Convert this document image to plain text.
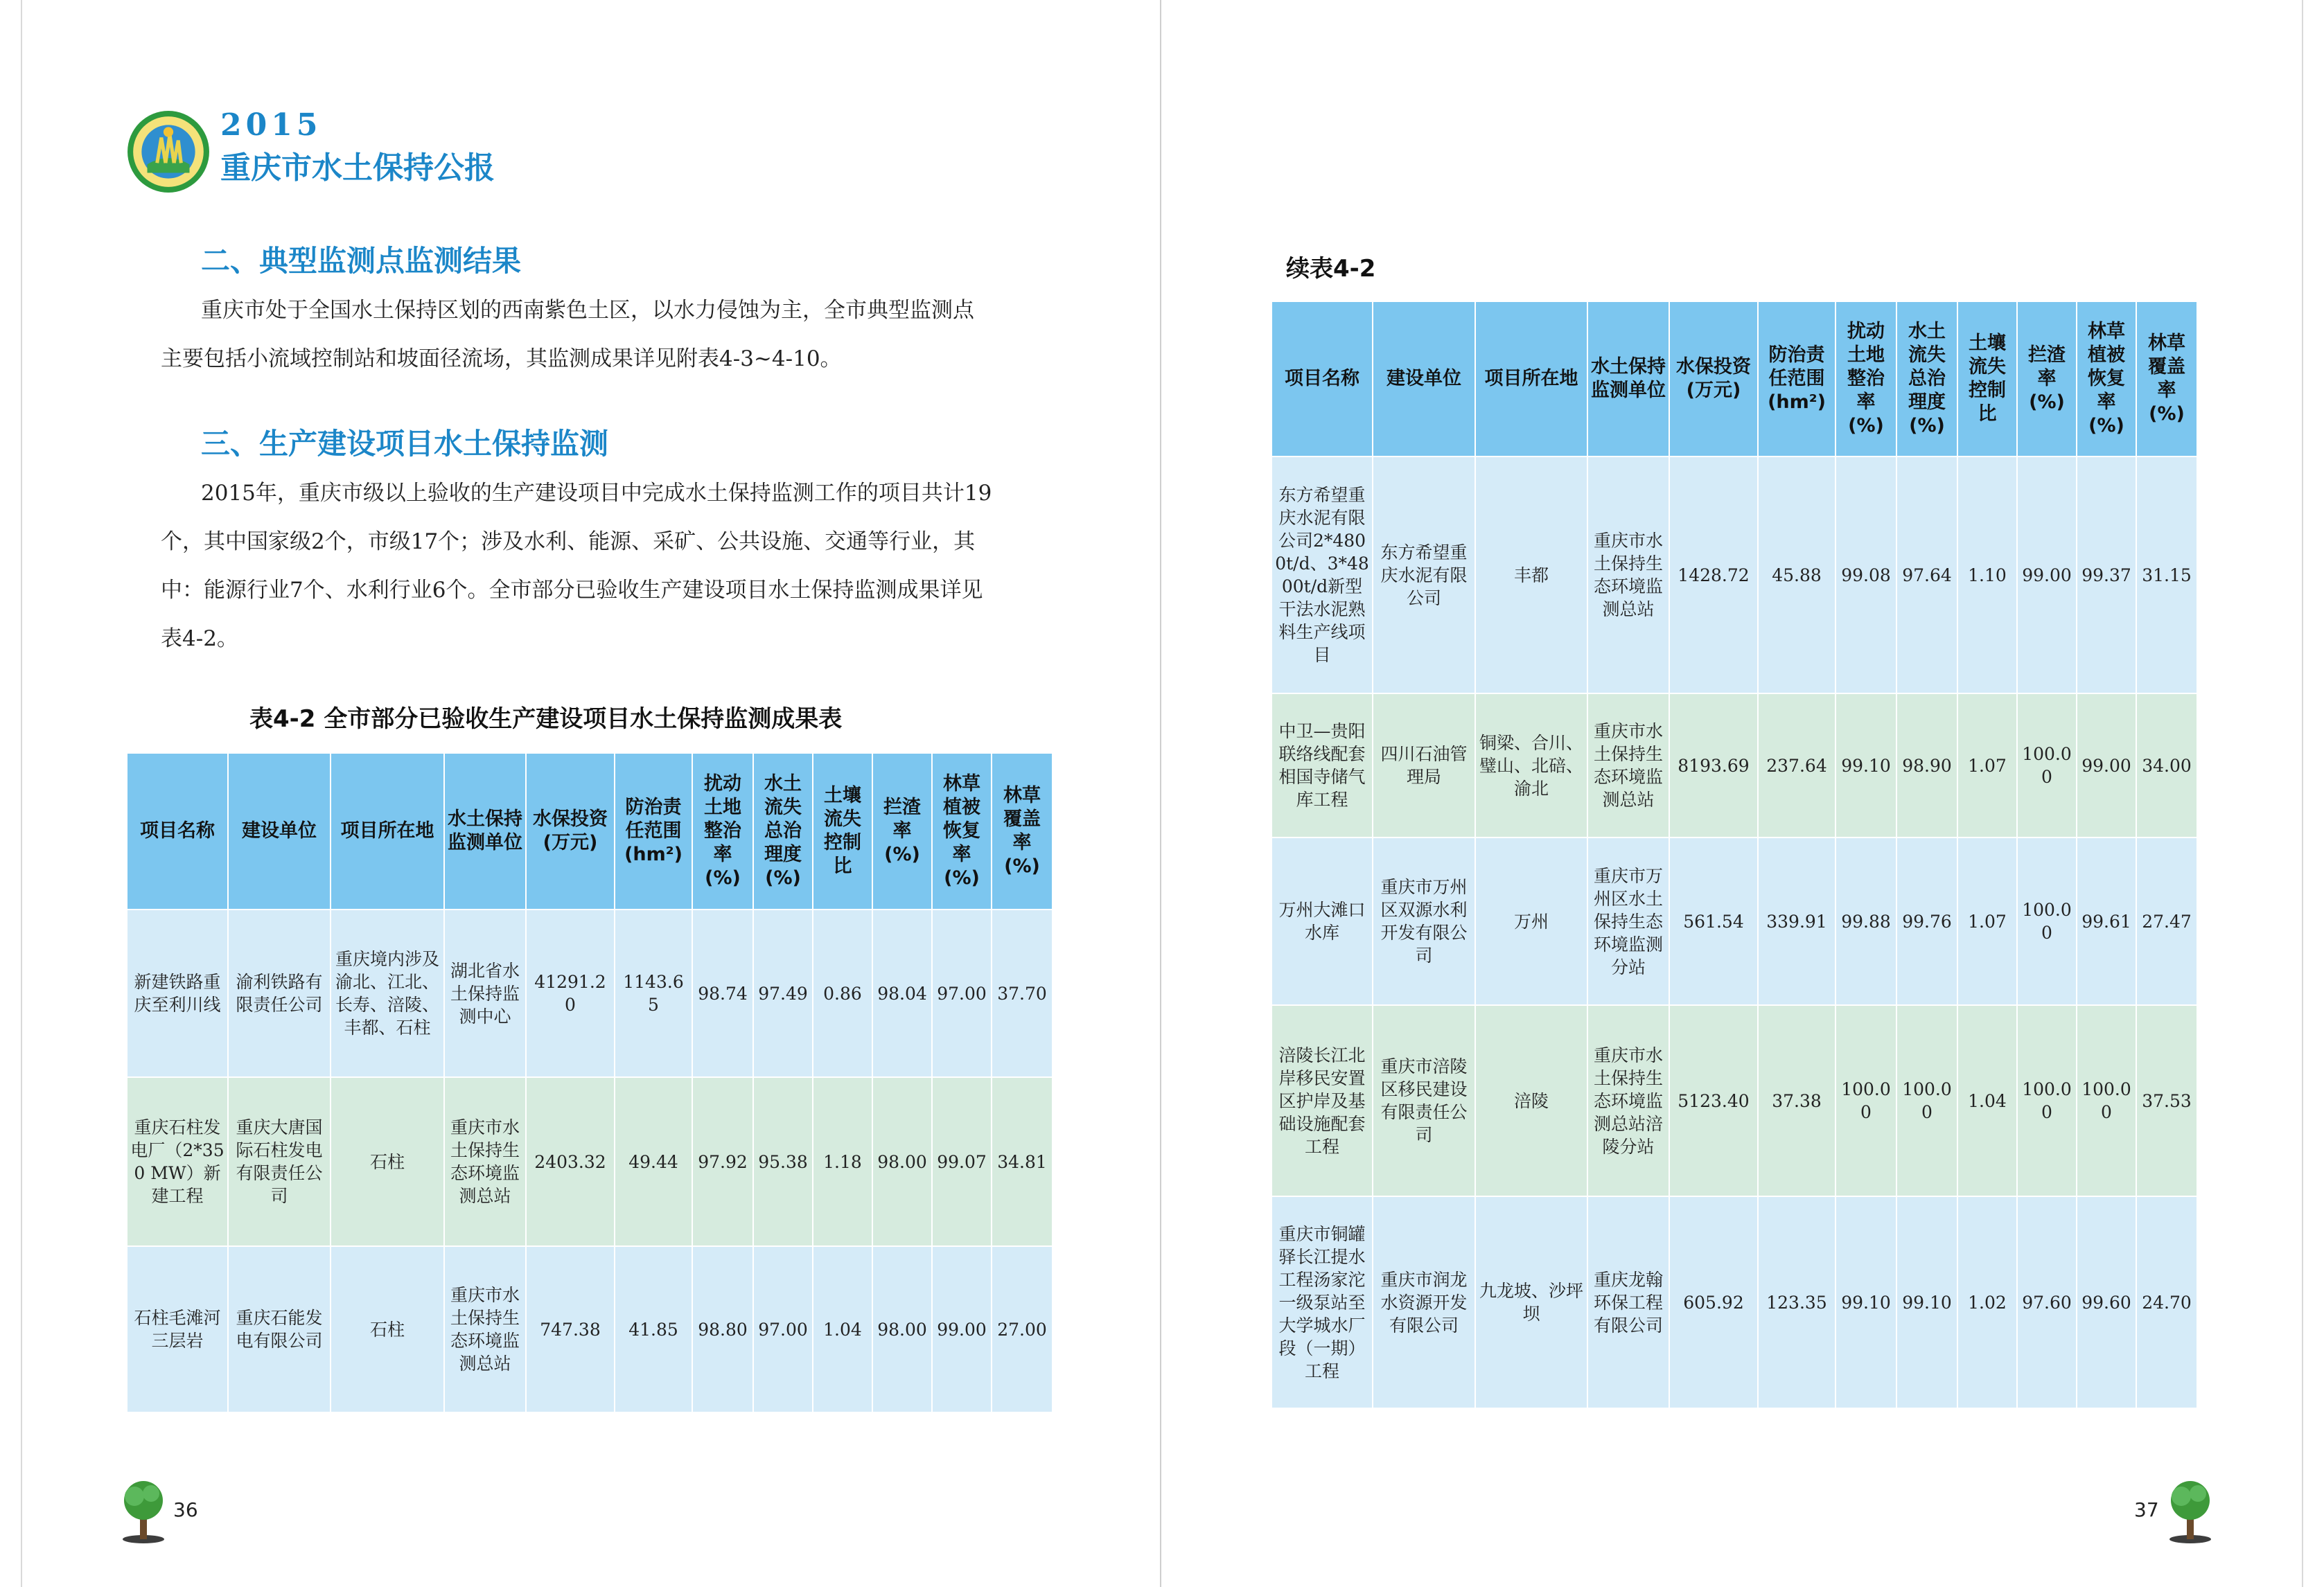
2015
重庆市水土保持公报
二、典型监测点监测结果
重庆市处于全国水土保持区划的西南紫色土区，以水力侵蚀为主，全市典型监测点
主要包括小流域控制站和坡面径流场，其监测成果详见附表4-3~4-10。
三、生产建设项目水土保持监测
2015年，重庆市级以上验收的生产建设项目中完成水土保持监测工作的项目共计19
个，其中国家级2个，市级17个；涉及水利、能源、采矿、公共设施、交通等行业，其
中：能源行业7个、水利行业6个。全市部分已验收生产建设项目水土保持监测成果详见
表4-2。
表4-2 全市部分已验收生产建设项目水土保持监测成果表
项目名称	建设单位	项目所在地	水土保持监测单位	水保投资(万元)	防治责任范围(hm²)	扰动土地整治率(%)	水土流失总治理度(%)	土壤流失控制比	拦渣率(%)	林草植被恢复率(%)	林草覆盖率(%)
新建铁路重庆至利川线	渝利铁路有限责任公司	重庆境内涉及渝北、江北、长寿、涪陵、丰都、石柱	湖北省水土保持监测中心	41291.20	1143.65	98.74	97.49	0.86	98.04	97.00	37.70
重庆石柱发电厂（2*350 MW）新建工程	重庆大唐国际石柱发电有限责任公司	石柱	重庆市水土保持生态环境监测总站	2403.32	49.44	97.92	95.38	1.18	98.00	99.07	34.81
石柱毛滩河三层岩	重庆石能发电有限公司	石柱	重庆市水土保持生态环境监测总站	747.38	41.85	98.80	97.00	1.04	98.00	99.00	27.00
36
续表4-2
项目名称	建设单位	项目所在地	水土保持监测单位	水保投资(万元)	防治责任范围(hm²)	扰动土地整治率(%)	水土流失总治理度(%)	土壤流失控制比	拦渣率(%)	林草植被恢复率(%)	林草覆盖率(%)
东方希望重庆水泥有限公司2*4800t/d、3*4800t/d新型干法水泥熟料生产线项目	东方希望重庆水泥有限公司	丰都	重庆市水土保持生态环境监测总站	1428.72	45.88	99.08	97.64	1.10	99.00	99.37	31.15
中卫—贵阳联络线配套相国寺储气库工程	四川石油管理局	铜梁、合川、璧山、北碚、渝北	重庆市水土保持生态环境监测总站	8193.69	237.64	99.10	98.90	1.07	100.00	99.00	34.00
万州大滩口水库	重庆市万州区双源水利开发有限公司	万州	重庆市万州区水土保持生态环境监测分站	561.54	339.91	99.88	99.76	1.07	100.00	99.61	27.47
涪陵长江北岸移民安置区护岸及基础设施配套工程	重庆市涪陵区移民建设有限责任公司	涪陵	重庆市水土保持生态环境监测总站涪陵分站	5123.40	37.38	100.00	100.00	1.04	100.00	100.00	37.53
重庆市铜罐驿长江提水工程汤家沱一级泵站至大学城水厂段（一期）工程	重庆市润龙水资源开发有限公司	九龙坡、沙坪坝	重庆龙翰环保工程有限公司	605.92	123.35	99.10	99.10	1.02	97.60	99.60	24.70
37
